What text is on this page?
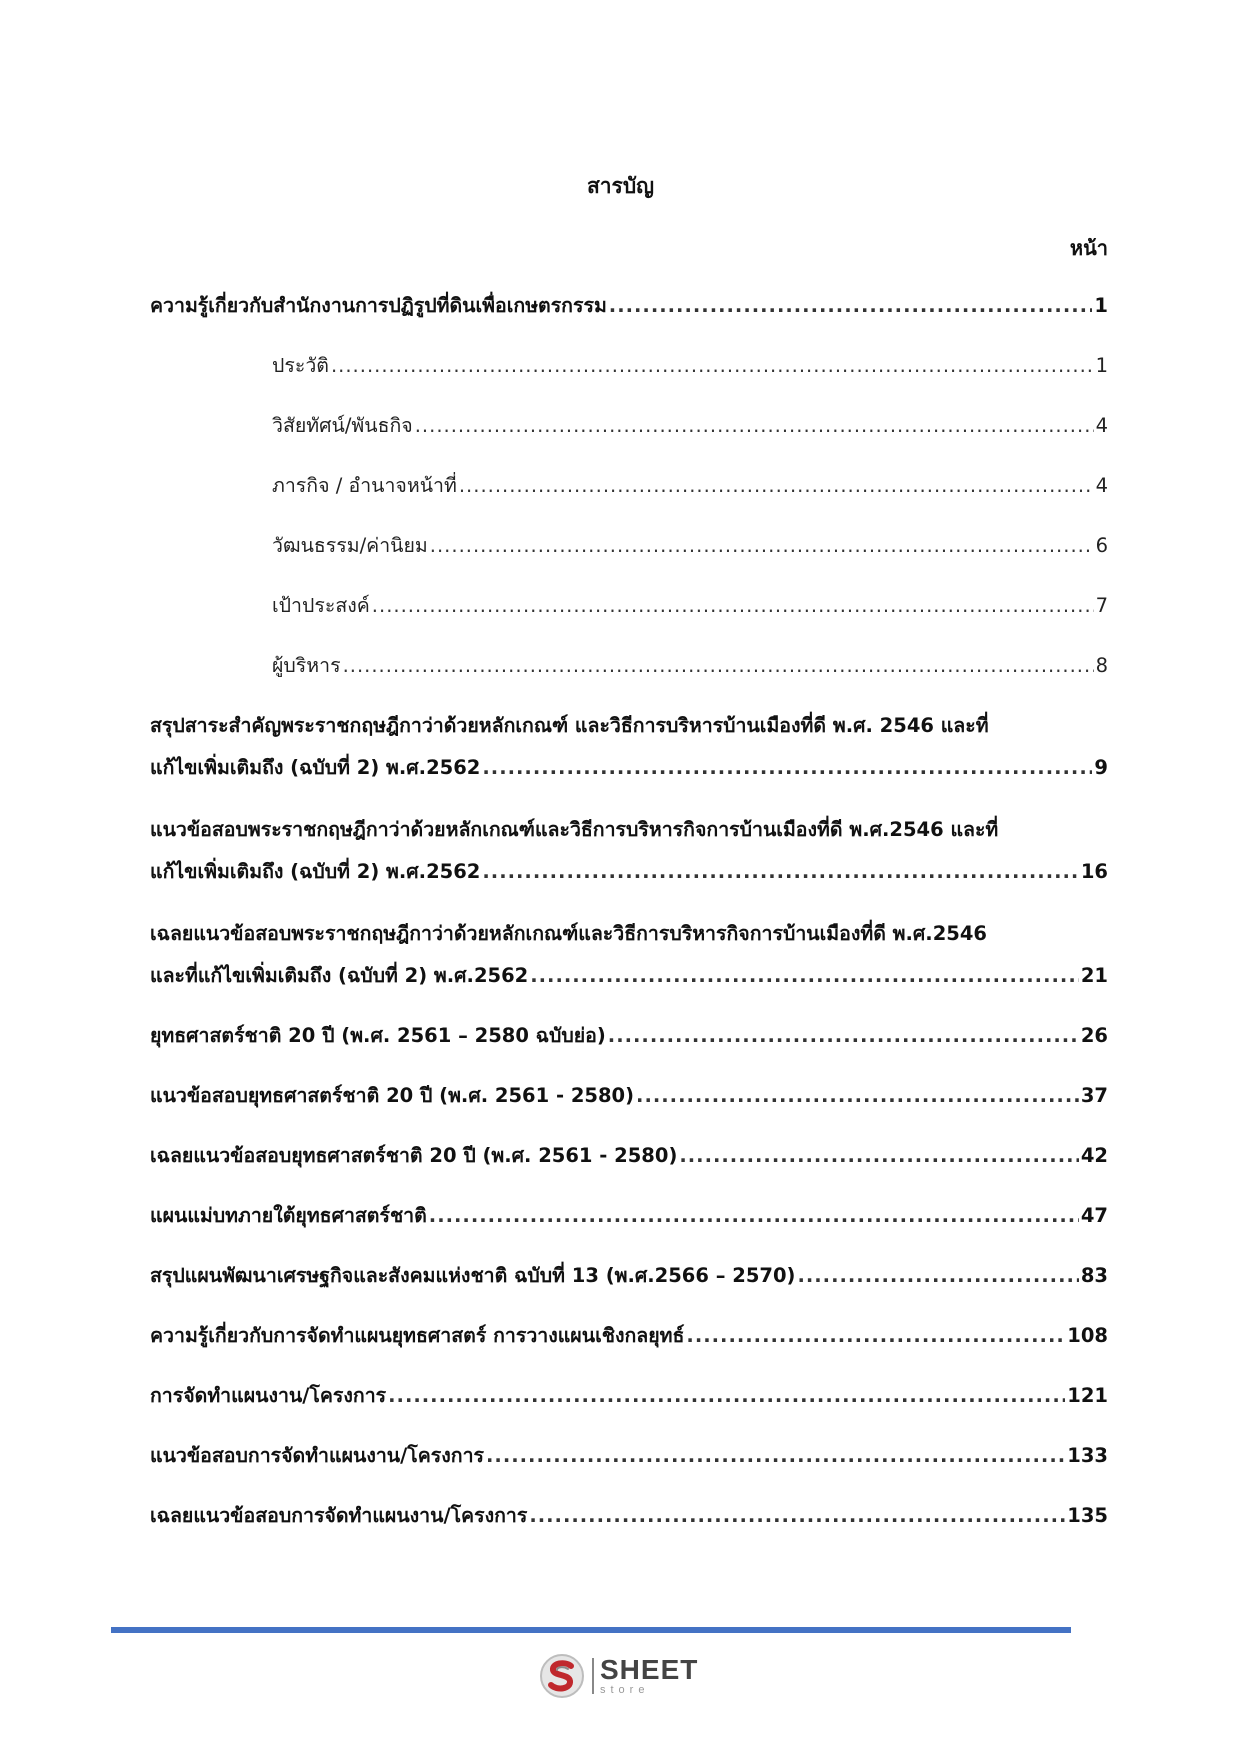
สารบัญ
หน้า
ความรู้เกี่ยวกับสำนักงานการปฏิรูปที่ดินเพื่อเกษตรกรรม .....	1
ประวัติ .....	1
วิสัยทัศน์/พันธกิจ .....	4
ภารกิจ / อำนาจหน้าที่ .....	4
วัฒนธรรม/ค่านิยม .....	6
เป้าประสงค์ .....	7
ผู้บริหาร .....	8
สรุปสาระสำคัญพระราชกฤษฎีกาว่าด้วยหลักเกณฑ์ และวิธีการบริหารบ้านเมืองที่ดี พ.ศ. 2546 และที่
แก้ไขเพิ่มเติมถึง (ฉบับที่ 2) พ.ศ.2562 .....	9
แนวข้อสอบพระราชกฤษฎีกาว่าด้วยหลักเกณฑ์และวิธีการบริหารกิจการบ้านเมืองที่ดี พ.ศ.2546 และที่
แก้ไขเพิ่มเติมถึง (ฉบับที่ 2) พ.ศ.2562 .....	16
เฉลยแนวข้อสอบพระราชกฤษฎีกาว่าด้วยหลักเกณฑ์และวิธีการบริหารกิจการบ้านเมืองที่ดี พ.ศ.2546
และที่แก้ไขเพิ่มเติมถึง (ฉบับที่ 2) พ.ศ.2562 .....	21
ยุทธศาสตร์ชาติ 20 ปี (พ.ศ. 2561 – 2580 ฉบับย่อ) .....	26
แนวข้อสอบยุทธศาสตร์ชาติ 20 ปี (พ.ศ. 2561 - 2580) .....	37
เฉลยแนวข้อสอบยุทธศาสตร์ชาติ 20 ปี (พ.ศ. 2561 - 2580) .....	42
แผนแม่บทภายใต้ยุทธศาสตร์ชาติ .....	47
สรุปแผนพัฒนาเศรษฐกิจและสังคมแห่งชาติ ฉบับที่ 13 (พ.ศ.2566 – 2570) .....	83
ความรู้เกี่ยวกับการจัดทำแผนยุทธศาสตร์ การวางแผนเชิงกลยุทธ์ .....	108
การจัดทำแผนงาน/โครงการ .....	121
แนวข้อสอบการจัดทำแผนงาน/โครงการ .....	133
เฉลยแนวข้อสอบการจัดทำแผนงาน/โครงการ .....	135
SHEET
store
